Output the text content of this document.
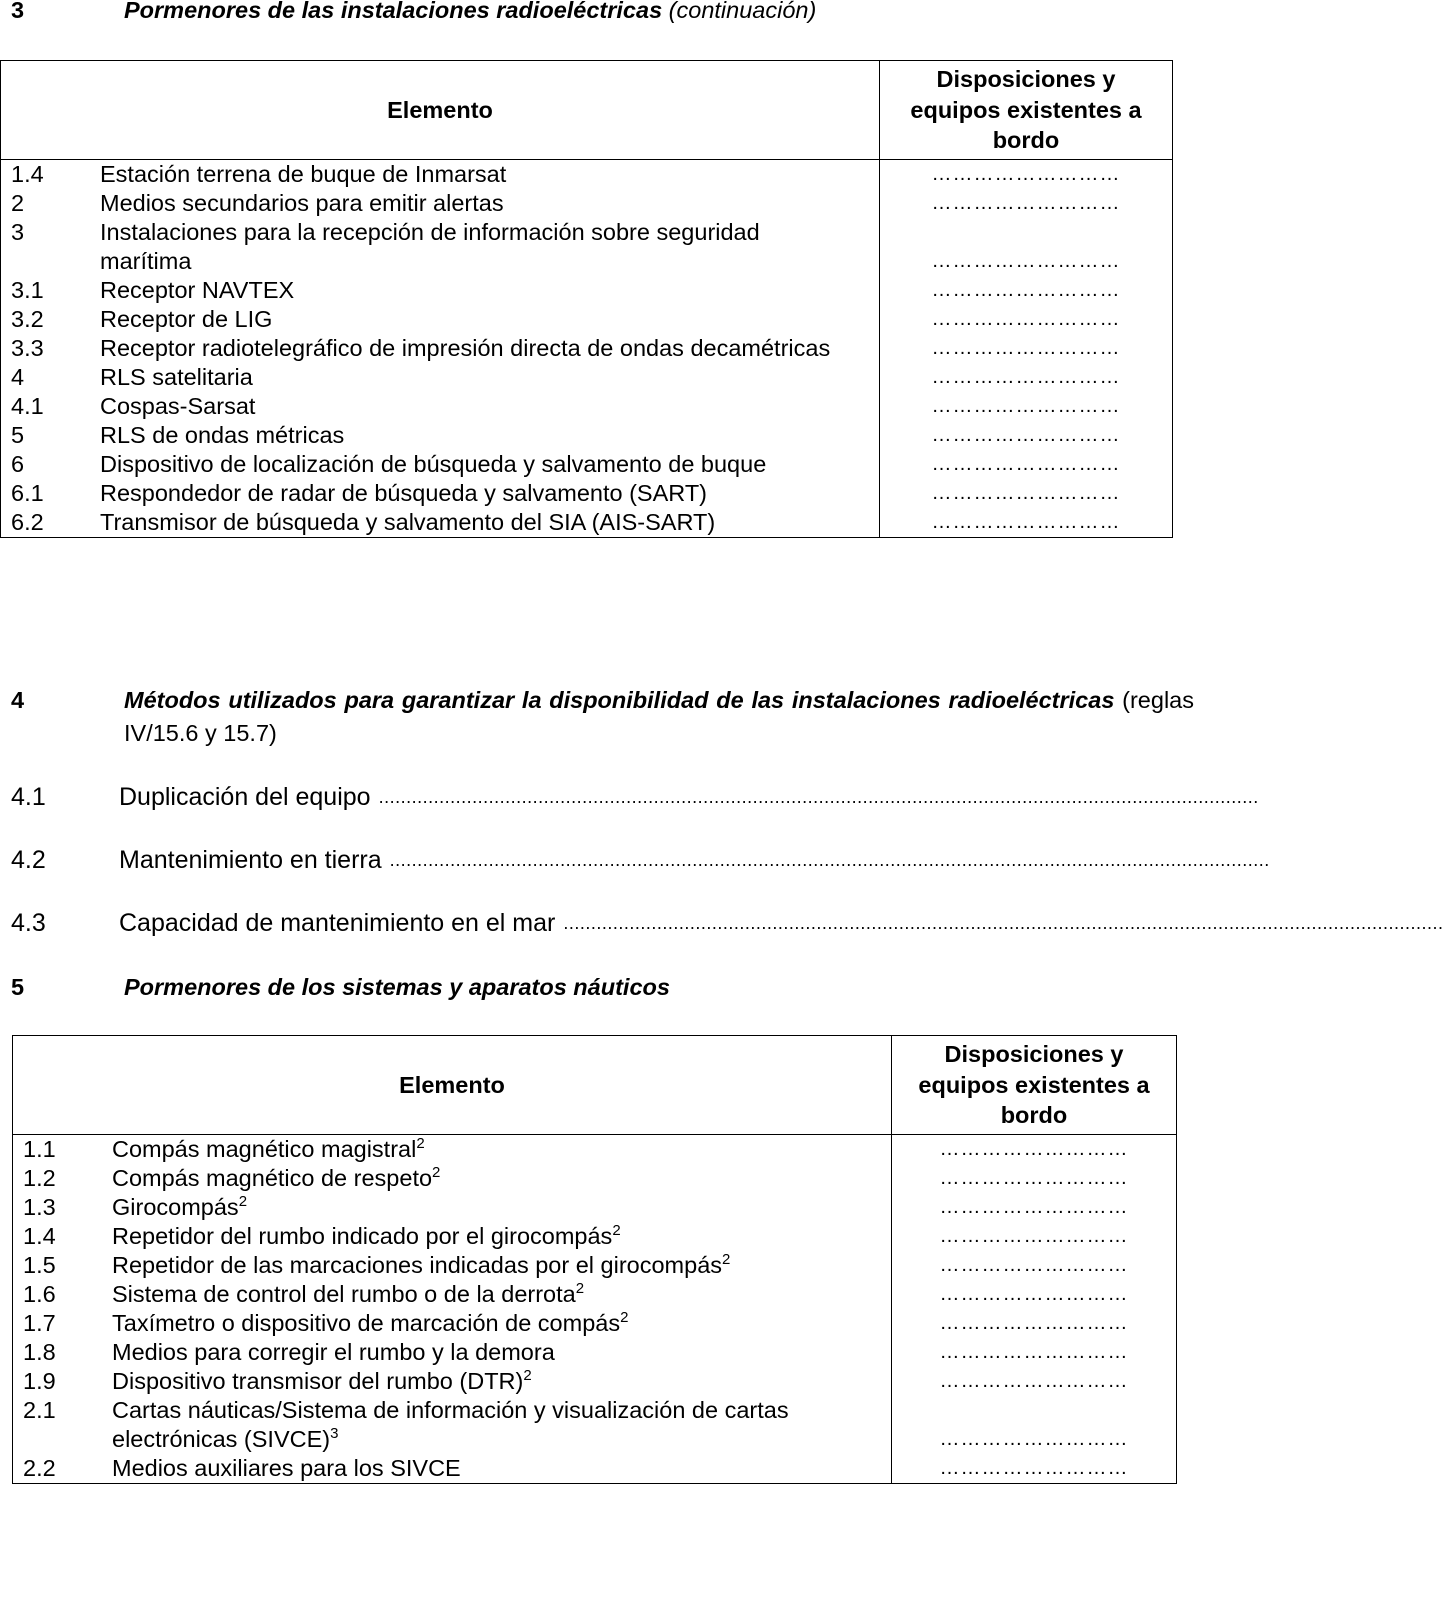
3	Pormenores de las instalaciones radioeléctricas (continuación)
Elemento	Disposiciones y equipos existentes a bordo

1.4 Estación terrena de buque de Inmarsat	………………………

2 Medios secundarios para emitir alertas	………………………

3 Instalaciones para la recepción de información sobre seguridad marítima	………………………

3.1 Receptor NAVTEX	………………………

3.2 Receptor de LIG	………………………

3.3 Receptor radiotelegráfico de impresión directa de ondas decamétricas	………………………

4 RLS satelitaria	………………………

4.1 Cospas-Sarsat	………………………

5 RLS de ondas métricas	………………………

6 Dispositivo de localización de búsqueda y salvamento de buque	………………………

6.1 Respondedor de radar de búsqueda y salvamento (SART)	………………………

6.2 Transmisor de búsqueda y salvamento del SIA (AIS-SART)	………………………
4	Métodos utilizados para garantizar la disponibilidad de las instalaciones radioeléctricas (reglas IV/15.6 y 15.7)
4.1	Duplicación del equipo ................................................................................................................................................................
4.2	Mantenimiento en tierra ................................................................................................................................................................
4.3	Capacidad de mantenimiento en el mar ................................................................................................................................................................
5	Pormenores de los sistemas y aparatos náuticos
Elemento	Disposiciones y equipos existentes a bordo

1.1 Compás magnético magistral$^2$	………………………

1.2 Compás magnético de respeto$^2$	………………………

1.3 Girocompás$^2$	………………………

1.4 Repetidor del rumbo indicado por el girocompás$^2$	………………………

1.5 Repetidor de las marcaciones indicadas por el girocompás$^2$	………………………

1.6 Sistema de control del rumbo o de la derrota$^2$	………………………

1.7 Taxímetro o dispositivo de marcación de compás$^2$	………………………

1.8 Medios para corregir el rumbo y la demora	………………………

1.9 Dispositivo transmisor del rumbo (DTR)$^2$	………………………

2.1 Cartas náuticas/Sistema de información y visualización de cartas electrónicas (SIVCE)$^3$	………………………

2.2 Medios auxiliares para los SIVCE	………………………
